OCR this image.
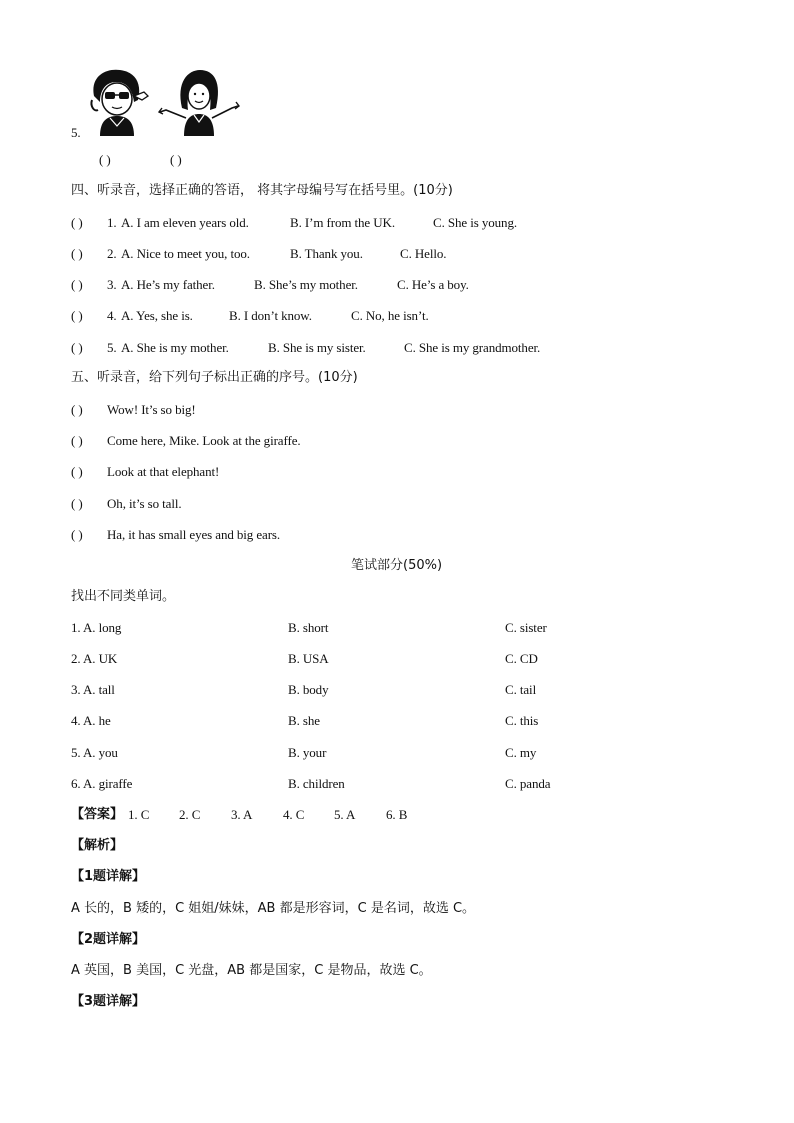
5.
( )	( )
四、听录音，选择正确的答语， 将其字母编号写在括号里。(10分)
( ) 1. A. I am eleven years old.	B. I’m from the UK.	C. She is young.
( ) 2. A. Nice to meet you, too.	B. Thank you.	C. Hello.
( ) 3. A. He’s my father.	B. She’s my mother.	C. He’s a boy.
( ) 4. A. Yes, she is.	B. I don’t know.	C. No, he isn’t.
( ) 5. A. She is my mother.	B. She is my sister.	C. She is my grandmother.
五、听录音，给下列句子标出正确的序号。(10分)
( ) Wow! It’s so big!
( ) Come here, Mike. Look at the giraffe.
( ) Look at that elephant!
( ) Oh, it’s so tall.
( ) Ha, it has small eyes and big ears.
笔试部分(50%)
找出不同类单词。
1. A. long	B. short	C. sister
2. A. UK	B. USA	C. CD
3. A. tall	B. body	C. tail
4. A. he	B. she	C. this
5. A. you	B. your	C. my
6. A. giraffe	B. children	C. panda
【答案】 1. C 2. C 3. A 4. C 5. A 6. B
【解析】
【1题详解】
A 长的，B 矮的，C 姐姐/妹妹，AB 都是形容词，C 是名词，故选 C。
【2题详解】
A 英国，B 美国，C 光盘，AB 都是国家，C 是物品，故选 C。
【3题详解】
